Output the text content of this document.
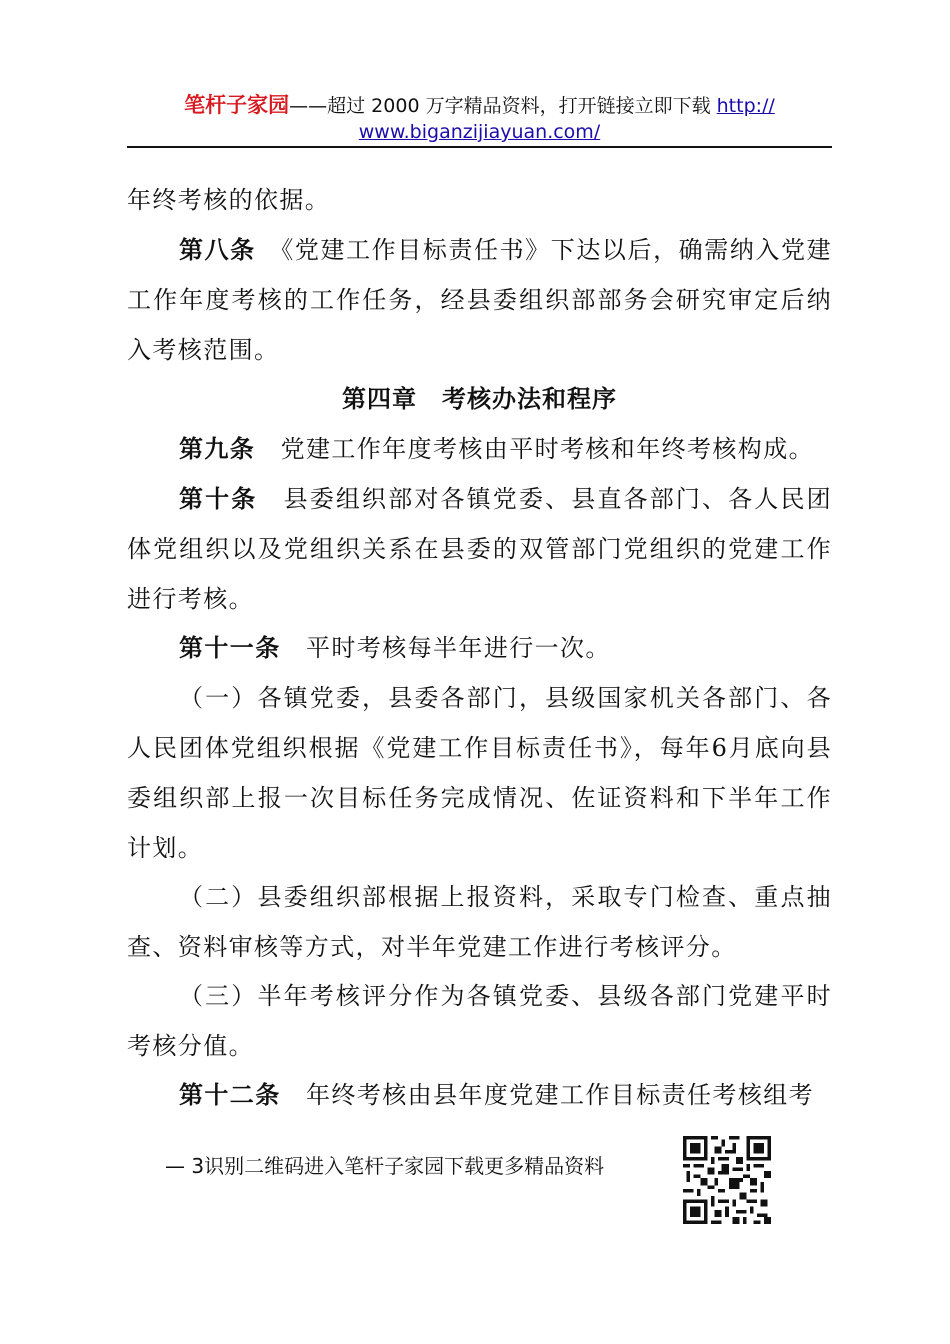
笔杆子家园——超过 2000 万字精品资料，打开链接立即下载 http://
www.biganzijiayuan.com/

年终考核的依据。

第八条　 《党建工作目标责任书》下达以后，确需纳入党建工作年度考核的工作任务，经县委组织部部务会研究审定后纳入考核范围。

第四章　考核办法和程序

第九条　 党建工作年度考核由平时考核和年终考核构成。

第十条　 县委组织部对各镇党委、县直各部门、各人民团体党组织以及党组织关系在县委的双管部门党组织的党建工作进行考核。

第十一条　 平时考核每半年进行一次。

（一）各镇党委，县委各部门，县级国家机关各部门、各人民团体党组织根据《党建工作目标责任书》，每年6月底向县委组织部上报一次目标任务完成情况、佐证资料和下半年工作计划。

（二）县委组织部根据上报资料，采取专门检查、重点抽查、资料审核等方式，对半年党建工作进行考核评分。

（三）半年考核评分作为各镇党委、县级各部门党建平时考核分值。

第十二条　 年终考核由县年度党建工作目标责任考核组考

— 3识别二维码进入笔杆子家园下载更多精品资料
